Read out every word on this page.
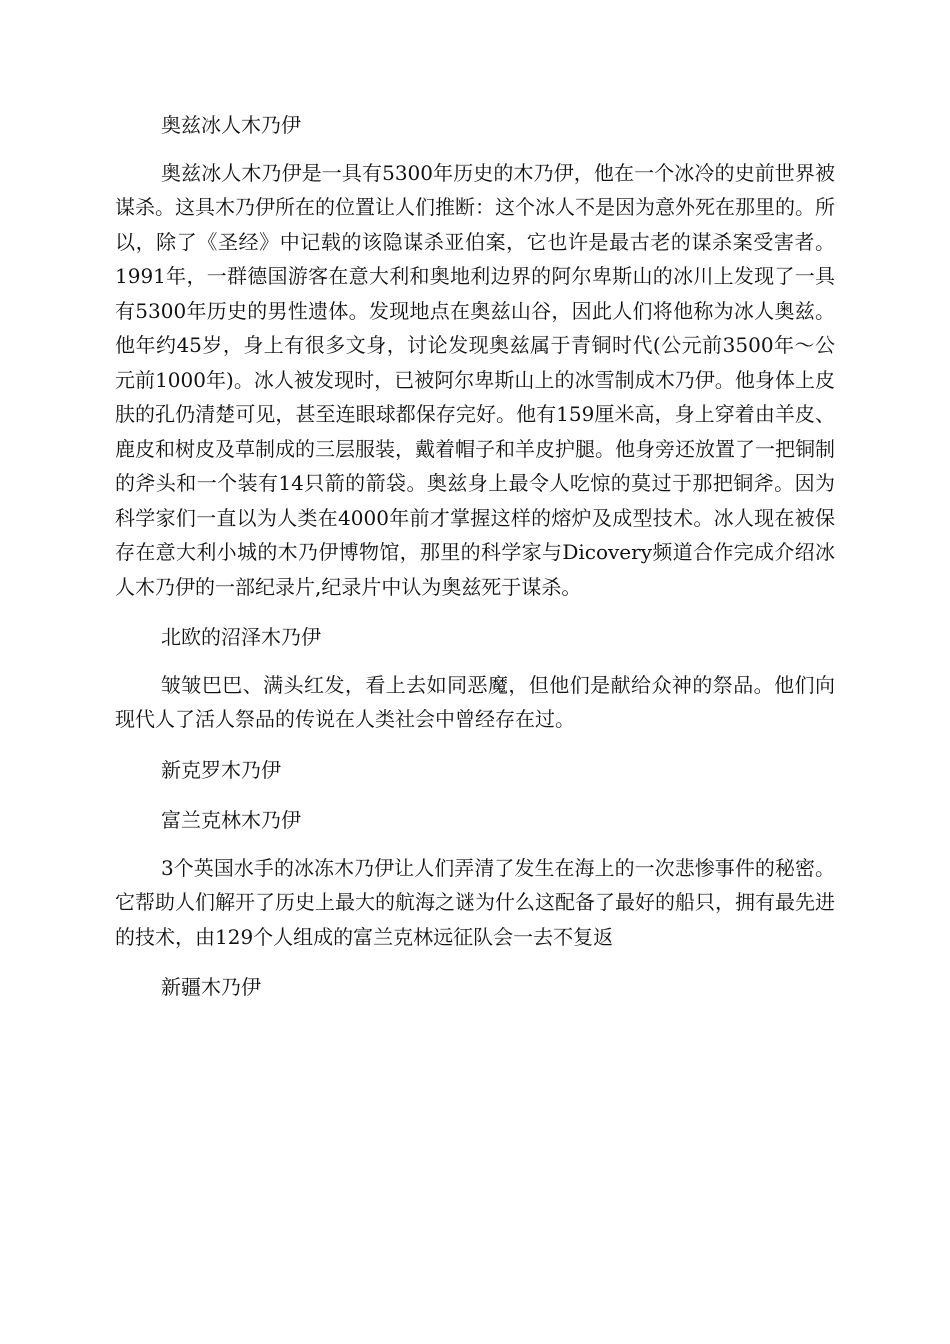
奥兹冰人木乃伊

奥兹冰人木乃伊是一具有5300年历史的木乃伊，他在一个冰冷的史前世界被谋杀。这具木乃伊所在的位置让人们推断：这个冰人不是因为意外死在那里的。所以，除了《圣经》中记载的该隐谋杀亚伯案，它也许是最古老的谋杀案受害者。1991年，一群德国游客在意大利和奥地利边界的阿尔卑斯山的冰川上发现了一具有5300年历史的男性遗体。发现地点在奥兹山谷，因此人们将他称为冰人奥兹。他年约45岁，身上有很多文身，讨论发现奥兹属于青铜时代(公元前3500年～公元前1000年)。冰人被发现时，已被阿尔卑斯山上的冰雪制成木乃伊。他身体上皮肤的孔仍清楚可见，甚至连眼球都保存完好。他有159厘米高，身上穿着由羊皮、鹿皮和树皮及草制成的三层服装，戴着帽子和羊皮护腿。他身旁还放置了一把铜制的斧头和一个装有14只箭的箭袋。奥兹身上最令人吃惊的莫过于那把铜斧。因为科学家们一直以为人类在4000年前才掌握这样的熔炉及成型技术。冰人现在被保存在意大利小城的木乃伊博物馆，那里的科学家与Dicovery频道合作完成介绍冰人木乃伊的一部纪录片,纪录片中认为奥兹死于谋杀。

北欧的沼泽木乃伊

皱皱巴巴、满头红发，看上去如同恶魔，但他们是献给众神的祭品。他们向现代人了活人祭品的传说在人类社会中曾经存在过。

新克罗木乃伊
富兰克林木乃伊

3个英国水手的冰冻木乃伊让人们弄清了发生在海上的一次悲惨事件的秘密。它帮助人们解开了历史上最大的航海之谜为什么这配备了最好的船只，拥有最先进的技术，由129个人组成的富兰克林远征队会一去不复返

新疆木乃伊
